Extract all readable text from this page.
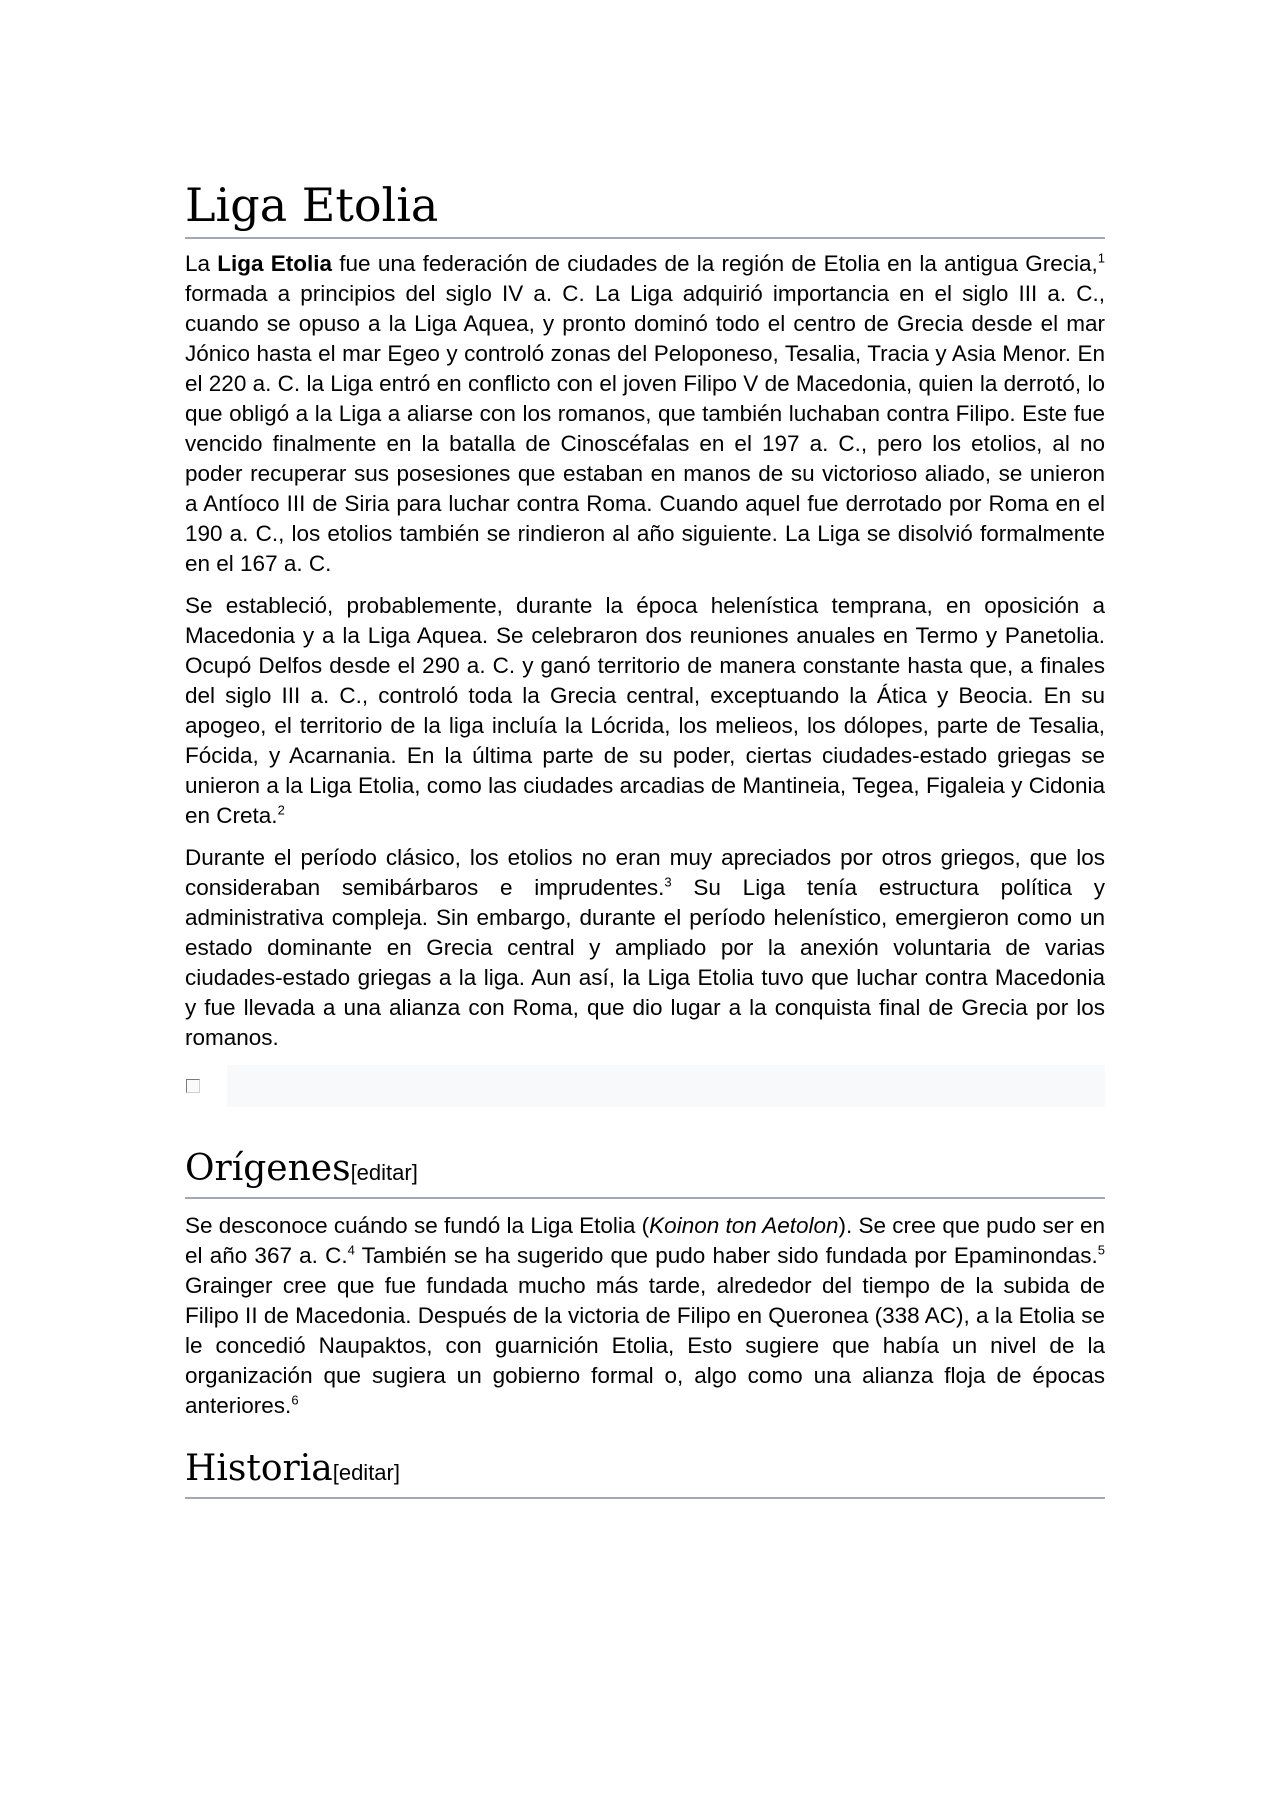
Liga Etolia

La Liga Etolia fue una federación de ciudades de la región de Etolia en la antigua Grecia,$^1$ formada a principios del siglo IV a. C. La Liga adquirió importancia en el siglo III a. C., cuando se opuso a la Liga Aquea, y pronto dominó todo el centro de Grecia desde el mar Jónico hasta el mar Egeo y controló zonas del Peloponeso, Tesalia, Tracia y Asia Menor. En el 220 a. C. la Liga entró en conflicto con el joven Filipo V de Macedonia, quien la derrotó, lo que obligó a la Liga a aliarse con los romanos, que también luchaban contra Filipo. Este fue vencido finalmente en la batalla de Cinoscéfalas en el 197 a. C., pero los etolios, al no poder recuperar sus posesiones que estaban en manos de su victorioso aliado, se unieron a Antíoco III de Siria para luchar contra Roma. Cuando aquel fue derrotado por Roma en el 190 a. C., los etolios también se rindieron al año siguiente. La Liga se disolvió formalmente en el 167 a. C.

Se estableció, probablemente, durante la época helenística temprana, en oposición a Macedonia y a la Liga Aquea. Se celebraron dos reuniones anuales en Termo y Panetolia. Ocupó Delfos desde el 290 a. C. y ganó territorio de manera constante hasta que, a finales del siglo III a. C., controló toda la Grecia central, exceptuando la Ática y Beocia. En su apogeo, el territorio de la liga incluía la Lócrida, los melieos, los dólopes, parte de Tesalia, Fócida, y Acarnania. En la última parte de su poder, ciertas ciudades-estado griegas se unieron a la Liga Etolia, como las ciudades arcadias de Mantineia, Tegea, Figaleia y Cidonia en Creta.$^2$

Durante el período clásico, los etolios no eran muy apreciados por otros griegos, que los consideraban semibárbaros e imprudentes.$^3$ Su Liga tenía estructura política y administrativa compleja. Sin embargo, durante el período helenístico, emergieron como un estado dominante en Grecia central y ampliado por la anexión voluntaria de varias ciudades-estado griegas a la liga. Aun así, la Liga Etolia tuvo que luchar contra Macedonia y fue llevada a una alianza con Roma, que dio lugar a la conquista final de Grecia por los romanos.

Orígenes[editar]

Se desconoce cuándo se fundó la Liga Etolia (Koinon ton Aetolon). Se cree que pudo ser en el año 367 a. C.$^4$ También se ha sugerido que pudo haber sido fundada por Epaminondas.$^5$ Grainger cree que fue fundada mucho más tarde, alrededor del tiempo de la subida de Filipo II de Macedonia. Después de la victoria de Filipo en Queronea (338 AC), a la Etolia se le concedió Naupaktos, con guarnición Etolia, Esto sugiere que había un nivel de la organización que sugiera un gobierno formal o, algo como una alianza floja de épocas anteriores.$^6$

Historia[editar]
